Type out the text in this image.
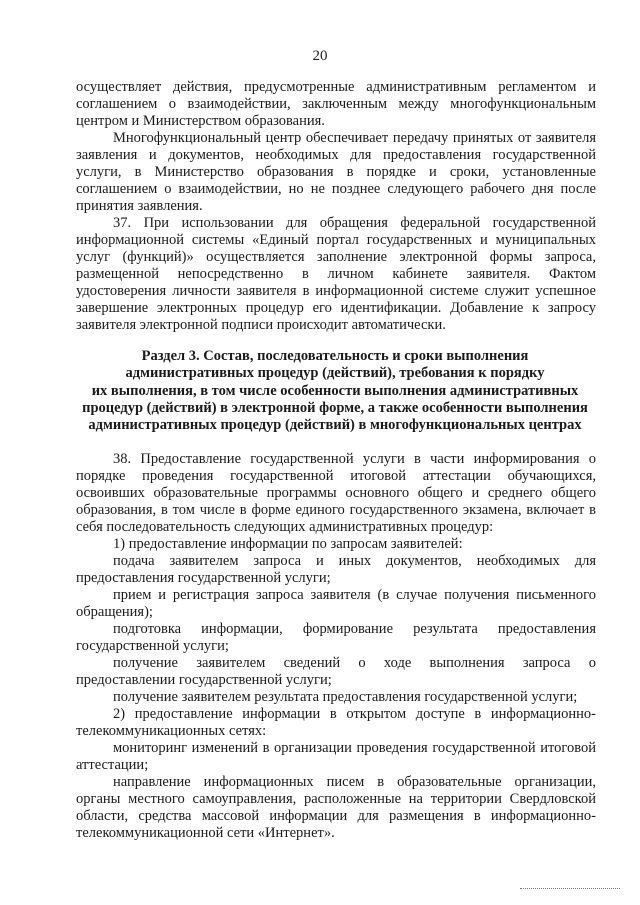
20

осуществляет действия, предусмотренные административным регламентом и соглашением о взаимодействии, заключенным между многофункциональным центром и Министерством образования.

Многофункциональный центр обеспечивает передачу принятых от заявителя заявления и документов, необходимых для предоставления государственной услуги, в Министерство образования в порядке и сроки, установленные соглашением о взаимодействии, но не позднее следующего рабочего дня после принятия заявления.

37. При использовании для обращения федеральной государственной информационной системы «Единый портал государственных и муниципальных услуг (функций)» осуществляется заполнение электронной формы запроса, размещенной непосредственно в личном кабинете заявителя. Фактом удостоверения личности заявителя в информационной системе служит успешное завершение электронных процедур его идентификации. Добавление к запросу заявителя электронной подписи происходит автоматически.

Раздел 3. Состав, последовательность и сроки выполнения
административных процедур (действий), требования к порядку
их выполнения, в том числе особенности выполнения административных
процедур (действий) в электронной форме, а также особенности выполнения
административных процедур (действий) в многофункциональных центрах

38. Предоставление государственной услуги в части информирования о порядке проведения государственной итоговой аттестации обучающихся, освоивших образовательные программы основного общего и среднего общего образования, в том числе в форме единого государственного экзамена, включает в себя последовательность следующих административных процедур:

1) предоставление информации по запросам заявителей:

подача заявителем запроса и иных документов, необходимых для предоставления государственной услуги;

прием и регистрация запроса заявителя (в случае получения письменного обращения);

подготовка информации, формирование результата предоставления государственной услуги;

получение заявителем сведений о ходе выполнения запроса о предоставлении государственной услуги;

получение заявителем результата предоставления государственной услуги;

2) предоставление информации в открытом доступе в информационно-телекоммуникационных сетях:

мониторинг изменений в организации проведения государственной итоговой аттестации;

направление информационных писем в образовательные организации, органы местного самоуправления, расположенные на территории Свердловской области, средства массовой информации для размещения в информационно-телекоммуникационной сети «Интернет».
